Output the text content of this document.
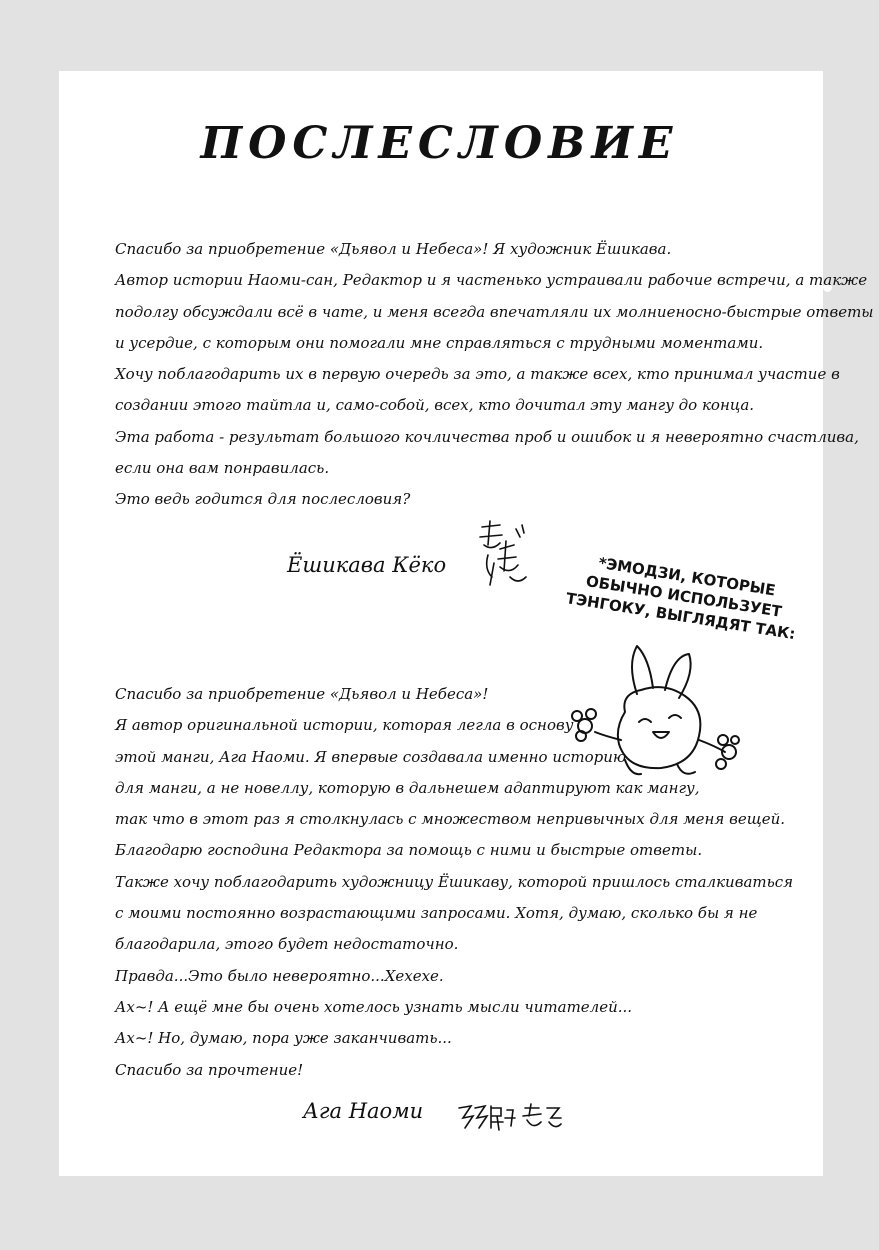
ПОСЛЕСЛОВИЕ
Спасибо за приобретение «Дьявол и Небеса»! Я художник Ёшикава.
Автор истории Наоми-сан, Редактор и я частенько устраивали рабочие встречи, а также
подолгу обсуждали всё в чате, и меня всегда впечатляли их молниеносно-быстрые ответы
и усердие, с которым они помогали мне справляться с трудными моментами.
Хочу поблагодарить их в первую очередь за это, а также всех, кто принимал участие в
создании этого тайтла и, само-собой, всех, кто дочитал эту мангу до конца.
Эта работа - результат большого кочличества проб и ошибок и я невероятно счастлива,
если она вам понравилась.
Это ведь годится для послесловия?
Ёшикава Кёко	*ЭМОДЗИ, КОТОРЫЕ
ОБЫЧНО ИСПОЛЬЗУЕТ
ТЭНГОКУ, ВЫГЛЯДЯТ ТАК:
Спасибо за приобретение «Дьявол и Небеса»!
Я автор оригинальной истории, которая легла в основу
этой манги, Ага Наоми. Я впервые создавала именно историю
для манги, а не новеллу, которую в дальнешем адаптируют как мангу,
так что в этот раз я столкнулась с множеством непривычных для меня вещей.
Благодарю господина Редактора за помощь с ними и быстрые ответы.
Также хочу поблагодарить художницу Ёшикаву, которой пришлось сталкиваться
с моими постоянно возрастающими запросами. Хотя, думаю, сколько бы я не
благодарила, этого будет недостаточно.
Правда...Это было невероятно...Хехехе.
Ах~! А ещё мне бы очень хотелось узнать мысли читателей...
Ах~! Но, думаю, пора уже заканчивать...
Спасибо за прочтение!
Ага Наоми
